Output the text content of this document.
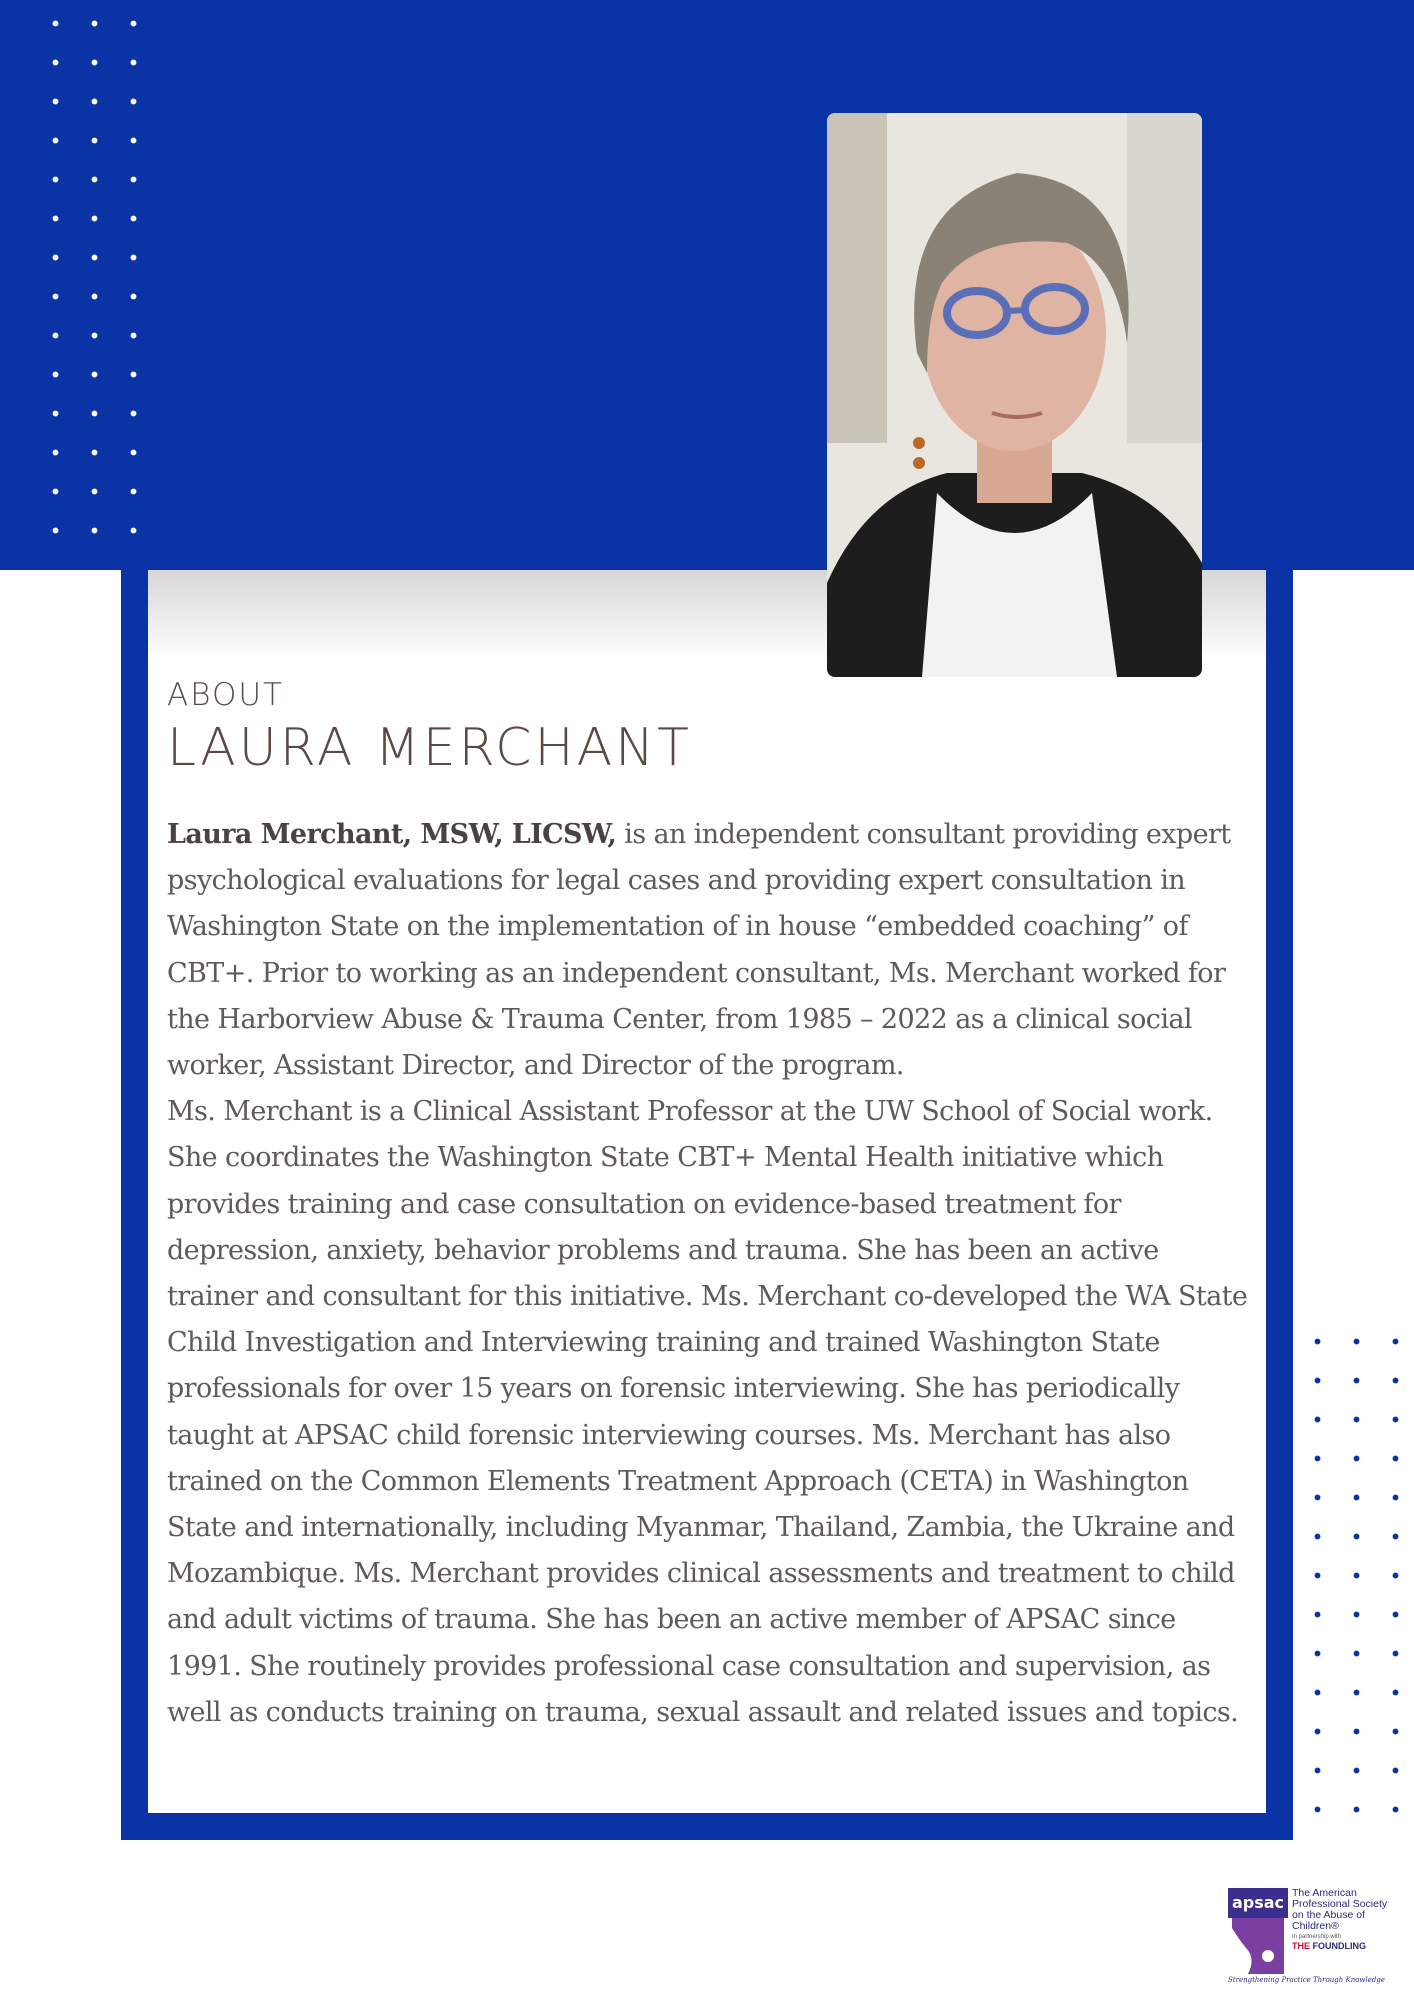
ABOUT
LAURA MERCHANT

Laura Merchant, MSW, LICSW, is an independent consultant providing expert psychological evaluations for legal cases and providing expert consultation in Washington State on the implementation of in house “embedded coaching” of CBT+. Prior to working as an independent consultant, Ms. Merchant worked for the Harborview Abuse & Trauma Center, from 1985 – 2022 as a clinical social worker, Assistant Director, and Director of the program.

Ms. Merchant is a Clinical Assistant Professor at the UW School of Social work. She coordinates the Washington State CBT+ Mental Health initiative which provides training and case consultation on evidence-based treatment for depression, anxiety, behavior problems and trauma. She has been an active trainer and consultant for this initiative. Ms. Merchant co-developed the WA State Child Investigation and Interviewing training and trained Washington State professionals for over 15 years on forensic interviewing. She has periodically taught at APSAC child forensic interviewing courses. Ms. Merchant has also trained on the Common Elements Treatment Approach (CETA) in Washington State and internationally, including Myanmar, Thailand, Zambia, the Ukraine and Mozambique. Ms. Merchant provides clinical assessments and treatment to child and adult victims of trauma. She has been an active member of APSAC since 1991. She routinely provides professional case consultation and supervision, as well as conducts training on trauma, sexual assault and related issues and topics.

apsac The American Professional Society on the Abuse of Children®
In partnership with
THE FOUNDLING
Strengthening Practice Through Knowledge
